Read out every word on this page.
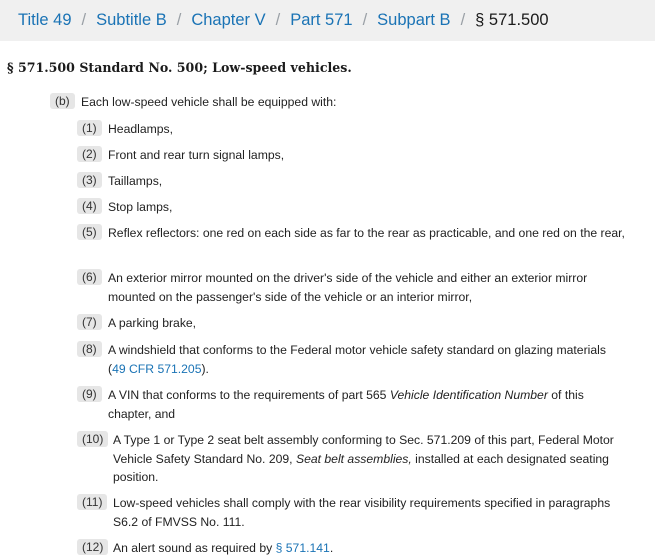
Title 49 / Subtitle B / Chapter V / Part 571 / Subpart B / § 571.500
§ 571.500 Standard No. 500; Low-speed vehicles.
(b) Each low-speed vehicle shall be equipped with:
(1) Headlamps,
(2) Front and rear turn signal lamps,
(3) Taillamps,
(4) Stop lamps,
(5) Reflex reflectors: one red on each side as far to the rear as practicable, and one red on the rear,
(6) An exterior mirror mounted on the driver's side of the vehicle and either an exterior mirror mounted on the passenger's side of the vehicle or an interior mirror,
(7) A parking brake,
(8) A windshield that conforms to the Federal motor vehicle safety standard on glazing materials (49 CFR 571.205).
(9) A VIN that conforms to the requirements of part 565 Vehicle Identification Number of this chapter, and
(10) A Type 1 or Type 2 seat belt assembly conforming to Sec. 571.209 of this part, Federal Motor Vehicle Safety Standard No. 209, Seat belt assemblies, installed at each designated seating position.
(11) Low-speed vehicles shall comply with the rear visibility requirements specified in paragraphs S6.2 of FMVSS No. 111.
(12) An alert sound as required by § 571.141.
